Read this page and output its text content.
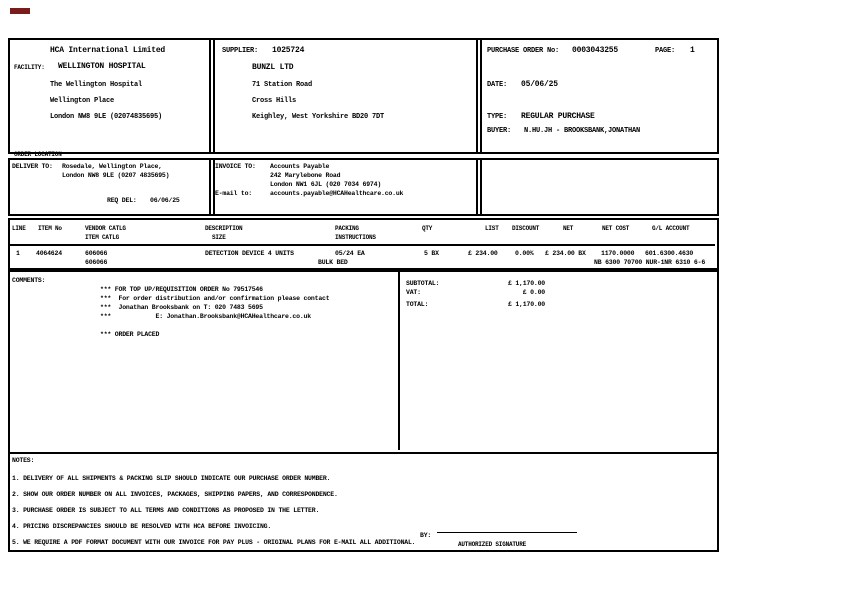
HCA International Limited
FACILITY: WELLINGTON HOSPITAL
The Wellington Hospital
Wellington Place
London NW8 9LE (02074835695)
ORDER LOCATION
SUPPLIER: 1025724
BUNZL LTD
71 Station Road
Cross Hills
Keighley, West Yorkshire BD20 7DT
PURCHASE ORDER No: 0003043255	PAGE: 1
DATE: 05/06/25
TYPE: REGULAR PURCHASE
BUYER: N.HU.JH - BROOKSBANK,JONATHAN
DELIVER TO: Rosedale, Wellington Place,
London NW8 9LE (0207 4835695)
REQ DEL: 06/06/25
INVOICE TO: Accounts Payable
242 Marylebone Road
London NW1 6JL (020 7034 6974)
E-mail to:	accounts.payable@HCAHealthcare.co.uk
LINE ITEM No	VENDOR CATLG	DESCRIPTION	PACKING	QTY	LIST DISCOUNT	NET	NET COST	G/L ACCOUNT
ITEM CATLG	SIZE	INSTRUCTIONS
1	4064624	606066	DETECTION DEVICE 4 UNITS	05/24 EA	5 BX	£ 234.00	0.00% £ 234.00 BX 1170.0000 601.6300.4630
606066	BULK BED	NB 6300 70700 NUR-1NR 6310 6-6
COMMENTS:
*** FOR TOP UP/REQUISITION ORDER No 79517546
***  For order distribution and/or confirmation please contact
***  Jonathan Brooksbank on T: 020 7483 5695
***            E: Jonathan.Brooksbank@HCAHealthcare.co.uk
*** ORDER PLACED
SUBTOTAL:	£ 1,170.00
VAT:	£ 0.00
TOTAL:	£ 1,170.00
NOTES:
1. DELIVERY OF ALL SHIPMENTS & PACKING SLIP SHOULD INDICATE OUR PURCHASE ORDER NUMBER.
2. SHOW OUR ORDER NUMBER ON ALL INVOICES, PACKAGES, SHIPPING PAPERS, AND CORRESPONDENCE.
3. PURCHASE ORDER IS SUBJECT TO ALL TERMS AND CONDITIONS AS PROPOSED IN THE LETTER.
4. PRICING DISCREPANCIES SHOULD BE RESOLVED WITH HCA BEFORE INVOICING.
5. WE REQUIRE A PDF FORMAT DOCUMENT WITH OUR INVOICE FOR PAY PLUS - ORIGINAL PLANS FOR E-MAIL ALL ADDITIONAL.
BY:
AUTHORIZED SIGNATURE
